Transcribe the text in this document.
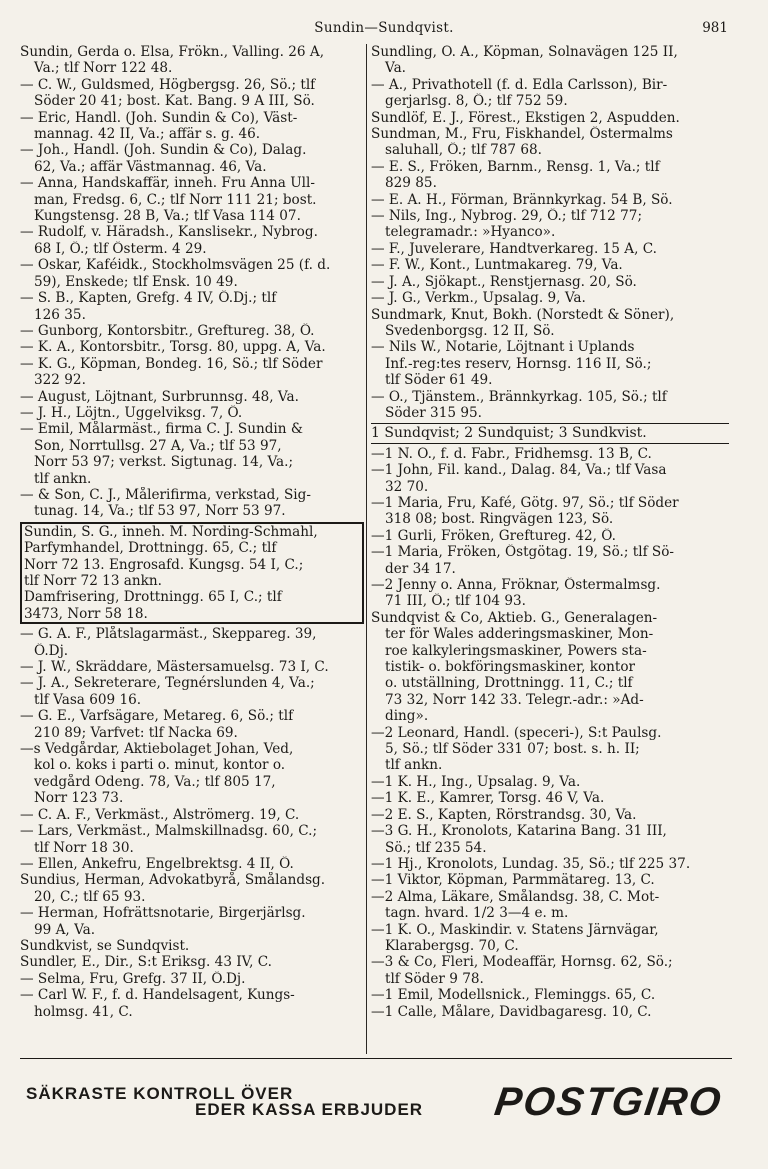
Sundin—Sundqvist.	981
Sundin, Gerda o. Elsa, Frökn., Valling. 26 A,
Va.; tlf Norr 122 48.
— C. W., Guldsmed, Högbergsg. 26, Sö.; tlf
Söder 20 41; bost. Kat. Bang. 9 A III, Sö.
— Eric, Handl. (Joh. Sundin & Co), Väst-
mannag. 42 II, Va.; affär s. g. 46.
— Joh., Handl. (Joh. Sundin & Co), Dalag.
62, Va.; affär Västmannag. 46, Va.
— Anna, Handskaffär, inneh. Fru Anna Ull-
man, Fredsg. 6, C.; tlf Norr 111 21; bost.
Kungstensg. 28 B, Va.; tlf Vasa 114 07.
— Rudolf, v. Häradsh., Kanslisekr., Nybrog.
68 I, Ö.; tlf Österm. 4 29.
— Oskar, Kaféidk., Stockholmsvägen 25 (f. d.
59), Enskede; tlf Ensk. 10 49.
— S. B., Kapten, Grefg. 4 IV, Ö.Dj.; tlf
126 35.
— Gunborg, Kontorsbitr., Greftureg. 38, Ö.
— K. A., Kontorsbitr., Torsg. 80, uppg. A, Va.
— K. G., Köpman, Bondeg. 16, Sö.; tlf Söder
322 92.
— August, Löjtnant, Surbrunnsg. 48, Va.
— J. H., Löjtn., Uggelviksg. 7, Ö.
— Emil, Målarmäst., firma C. J. Sundin &
Son, Norrtullsg. 27 A, Va.; tlf 53 97,
Norr 53 97; verkst. Sigtunag. 14, Va.;
tlf ankn.
— & Son, C. J., Målerifirma, verkstad, Sig-
tunag. 14, Va.; tlf 53 97, Norr 53 97.
Sundin, S. G., inneh. M. Nording-Schmahl,
Parfymhandel, Drottningg. 65, C.; tlf
Norr 72 13. Engrosafd. Kungsg. 54 I, C.;
tlf Norr 72 13 ankn.
Damfrisering, Drottningg. 65 I, C.; tlf
3473, Norr 58 18.
— G. A. F., Plåtslagarmäst., Skeppareg. 39,
Ö.Dj.
— J. W., Skräddare, Mästersamuelsg. 73 I, C.
— J. A., Sekreterare, Tegnérslunden 4, Va.;
tlf Vasa 609 16.
— G. E., Varfsägare, Metareg. 6, Sö.; tlf
210 89; Varfvet: tlf Nacka 69.
—s Vedgårdar, Aktiebolaget Johan, Ved,
kol o. koks i parti o. minut, kontor o.
vedgård Odeng. 78, Va.; tlf 805 17,
Norr 123 73.
— C. A. F., Verkmäst., Alströmerg. 19, C.
— Lars, Verkmäst., Malmskillnadsg. 60, C.;
tlf Norr 18 30.
— Ellen, Ankefru, Engelbrektsg. 4 II, Ö.
Sundius, Herman, Advokatbyrå, Smålandsg.
20, C.; tlf 65 93.
— Herman, Hofrättsnotarie, Birgerjärlsg.
99 A, Va.
Sundkvist, se Sundqvist.
Sundler, E., Dir., S:t Eriksg. 43 IV, C.
— Selma, Fru, Grefg. 37 II, Ö.Dj.
— Carl W. F., f. d. Handelsagent, Kungs-
holmsg. 41, C.
Sundling, O. A., Köpman, Solnavägen 125 II,
Va.
— A., Privathotell (f. d. Edla Carlsson), Bir-
gerjarlsg. 8, Ö.; tlf 752 59.
Sundlöf, E. J., Förest., Ekstigen 2, Aspudden.
Sundman, M., Fru, Fiskhandel, Östermalms
saluhall, Ö.; tlf 787 68.
— E. S., Fröken, Barnm., Rensg. 1, Va.; tlf
829 85.
— E. A. H., Förman, Brännkyrkag. 54 B, Sö.
— Nils, Ing., Nybrog. 29, Ö.; tlf 712 77;
telegramadr.: »Hyanco».
— F., Juvelerare, Handtverkareg. 15 A, C.
— F. W., Kont., Luntmakareg. 79, Va.
— J. A., Sjökapt., Renstjernasg. 20, Sö.
— J. G., Verkm., Upsalag. 9, Va.
Sundmark, Knut, Bokh. (Norstedt & Söner),
Svedenborgsg. 12 II, Sö.
— Nils W., Notarie, Löjtnant i Uplands
Inf.-reg:tes reserv, Hornsg. 116 II, Sö.;
tlf Söder 61 49.
— O., Tjänstem., Brännkyrkag. 105, Sö.; tlf
Söder 315 95.
1 Sundqvist; 2 Sundquist; 3 Sundkvist.
—1 N. O., f. d. Fabr., Fridhemsg. 13 B, C.
—1 John, Fil. kand., Dalag. 84, Va.; tlf Vasa
32 70.
—1 Maria, Fru, Kafé, Götg. 97, Sö.; tlf Söder
318 08; bost. Ringvägen 123, Sö.
—1 Gurli, Fröken, Greftureg. 42, Ö.
—1 Maria, Fröken, Östgötag. 19, Sö.; tlf Sö-
der 34 17.
—2 Jenny o. Anna, Fröknar, Östermalmsg.
71 III, Ö.; tlf 104 93.
Sundqvist & Co, Aktieb. G., Generalagen-
ter för Wales adderingsmaskiner, Mon-
roe kalkyleringsmaskiner, Powers sta-
tistik- o. bokföringsmaskiner, kontor
o. utställning, Drottningg. 11, C.; tlf
73 32, Norr 142 33. Telegr.-adr.: »Ad-
ding».
—2 Leonard, Handl. (speceri-), S:t Paulsg.
5, Sö.; tlf Söder 331 07; bost. s. h. II;
tlf ankn.
—1 K. H., Ing., Upsalag. 9, Va.
—1 K. E., Kamrer, Torsg. 46 V, Va.
—2 E. S., Kapten, Rörstrandsg. 30, Va.
—3 G. H., Kronolots, Katarina Bang. 31 III,
Sö.; tlf 235 54.
—1 Hj., Kronolots, Lundag. 35, Sö.; tlf 225 37.
—1 Viktor, Köpman, Parmmätareg. 13, C.
—2 Alma, Läkare, Smålandsg. 38, C. Mot-
tagn. hvard. 1/2 3—4 e. m.
—1 K. O., Maskindir. v. Statens Järnvägar,
Klarabergsg. 70, C.
—3 & Co, Fleri, Modeaffär, Hornsg. 62, Sö.;
tlf Söder 9 78.
—1 Emil, Modellsnick., Fleminggs. 65, C.
—1 Calle, Målare, Davidbagaresg. 10, C.
SÄKRASTE KONTROLL ÖVER
EDER KASSA ERBJUDER POSTGIRO
